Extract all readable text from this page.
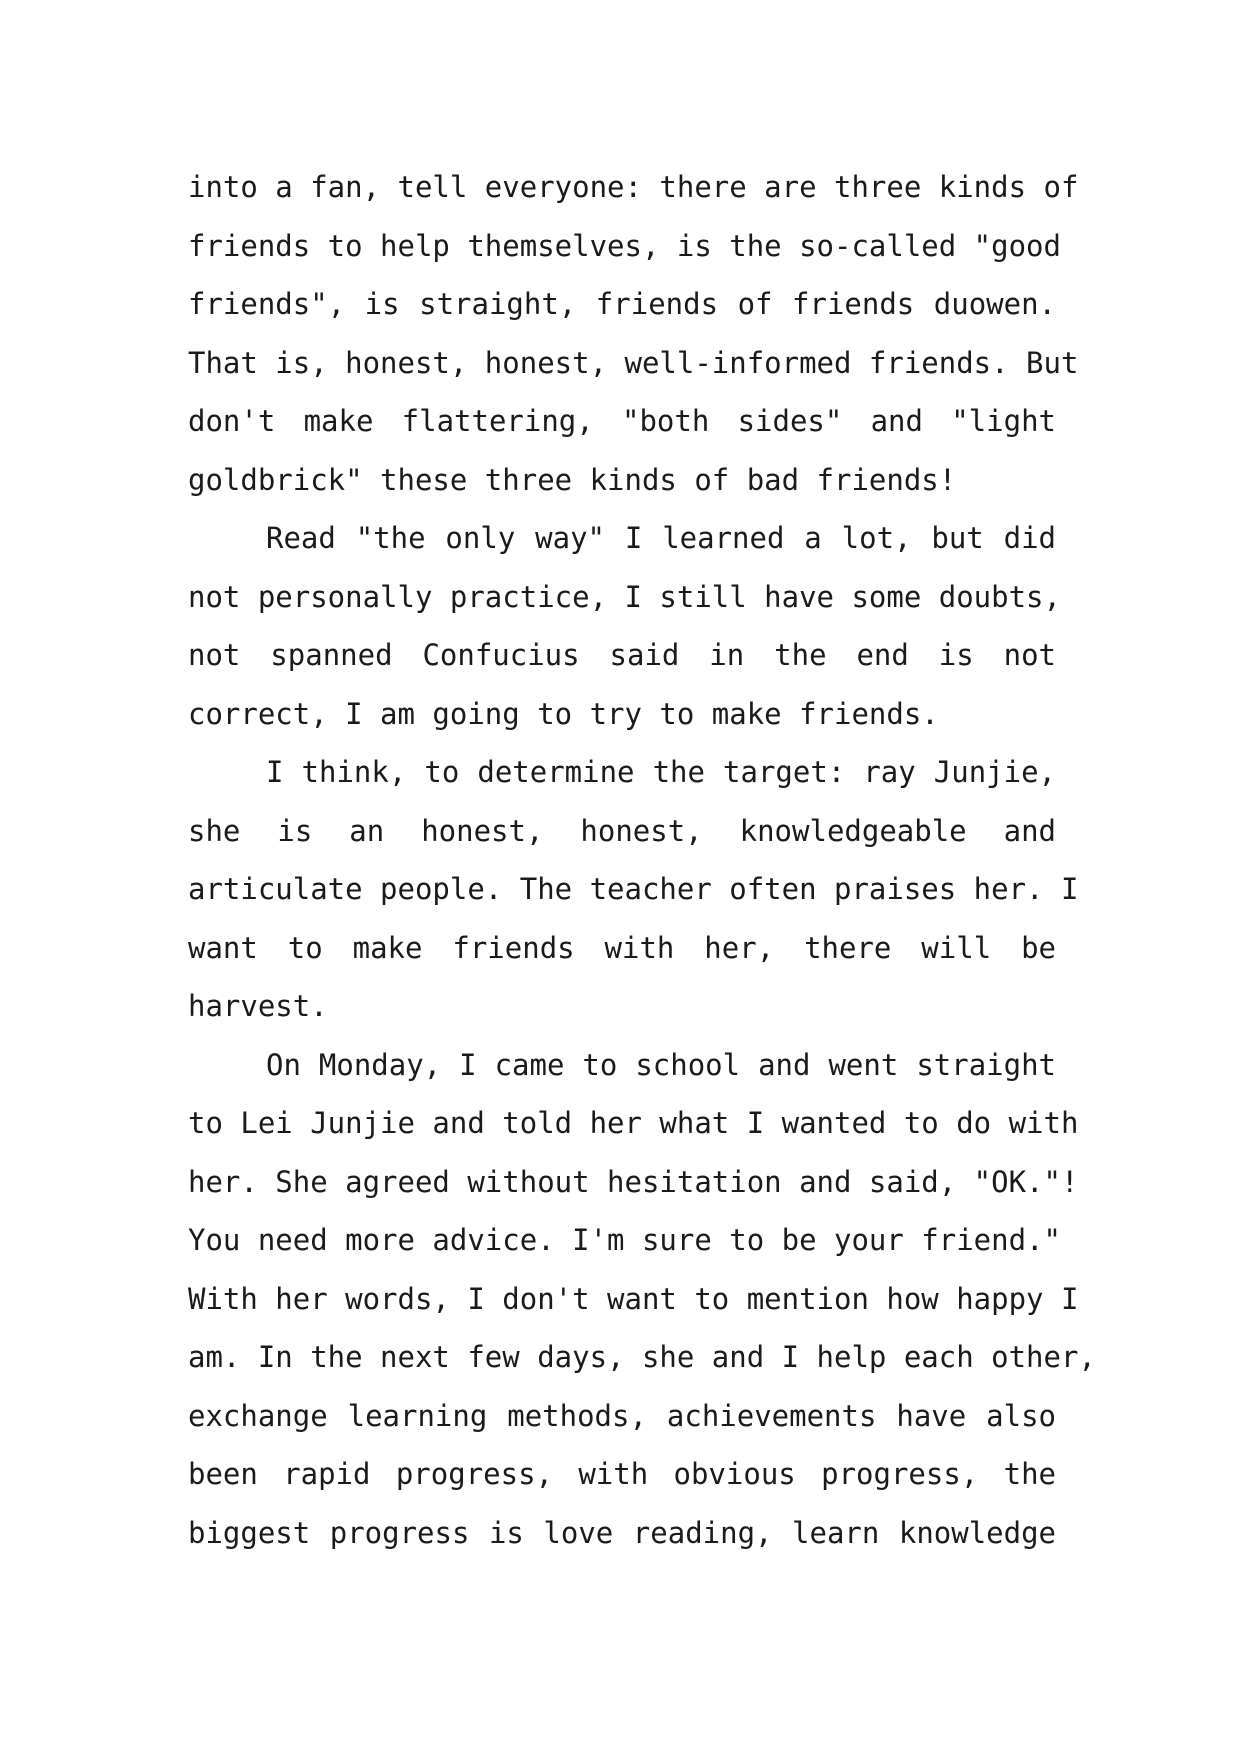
into a fan, tell everyone: there are three kinds of
friends to help themselves, is the so-called "good
friends", is straight, friends of friends duowen.
That is, honest, honest, well-informed friends. But
don't make flattering, "both sides" and "light
goldbrick" these three kinds of bad friends!
Read "the only way" I learned a lot, but did
not personally practice, I still have some doubts,
not spanned Confucius said in the end is not
correct, I am going to try to make friends.
I think, to determine the target: ray Junjie,
she is an honest, honest, knowledgeable and
articulate people. The teacher often praises her. I
want to make friends with her, there will be
harvest.
On Monday, I came to school and went straight
to Lei Junjie and told her what I wanted to do with
her. She agreed without hesitation and said, "OK."!
You need more advice. I'm sure to be your friend."
With her words, I don't want to mention how happy I
am. In the next few days, she and I help each other,
exchange learning methods, achievements have also
been rapid progress, with obvious progress, the
biggest progress is love reading, learn knowledge
